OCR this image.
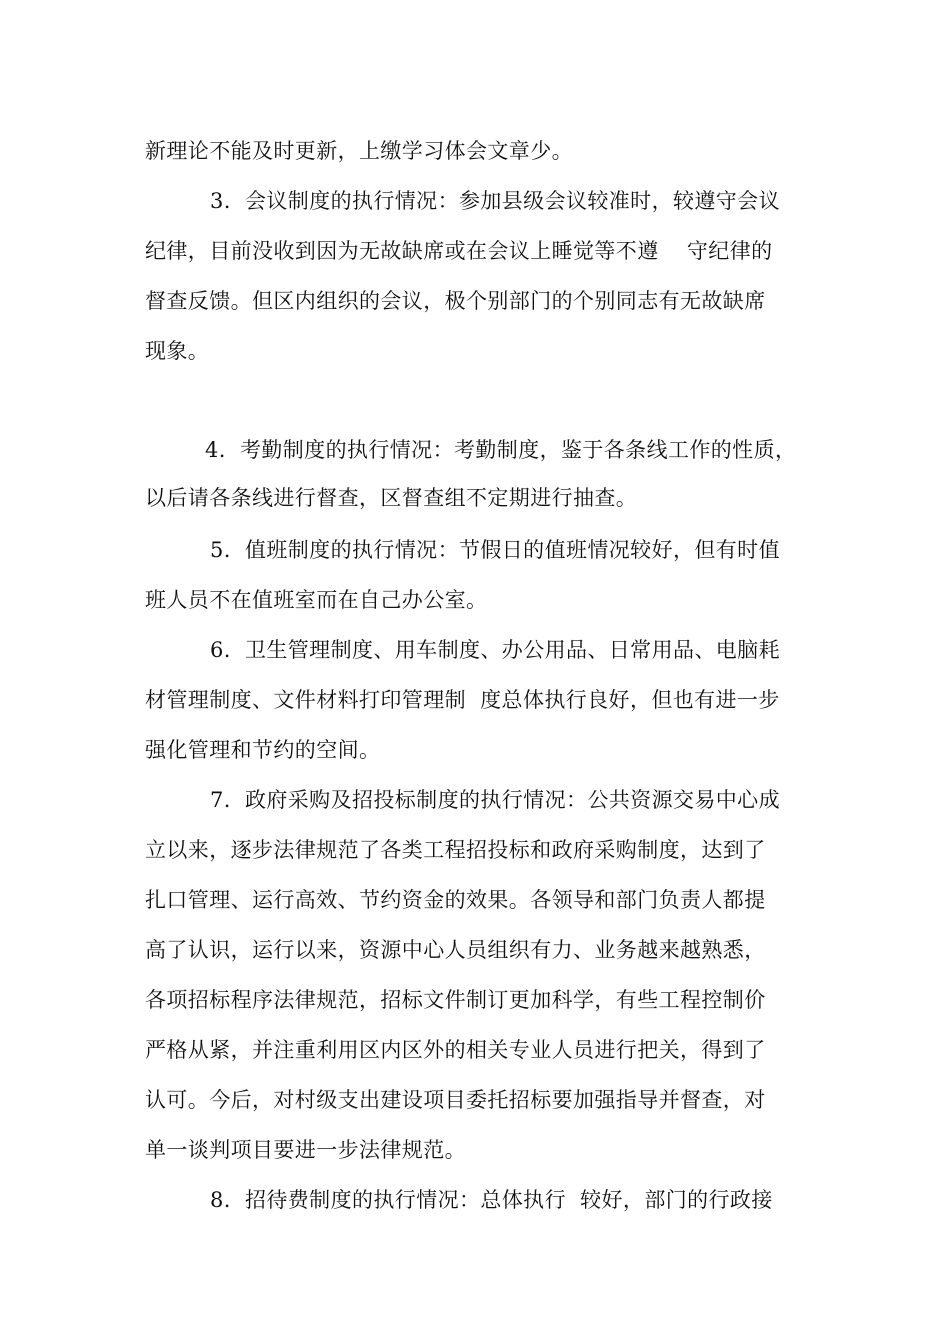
新理论不能及时更新，上缴学习体会文章少。
3.  会议制度的执行情况：参加县级会议较准时，较遵守会议
纪律，目前没收到因为无故缺席或在会议上睡觉等不遵    守纪律的
督查反馈。但区内组织的会议，极个别部门的个别同志有无故缺席
现象。
4.  考勤制度的执行情况：考勤制度，鉴于各条线工作的性质，
以后请各条线进行督查，区督查组不定期进行抽查。
5.  值班制度的执行情况：节假日的值班情况较好，但有时值
班人员不在值班室而在自己办公室。
6.  卫生管理制度、用车制度、办公用品、日常用品、电脑耗
材管理制度、文件材料打印管理制  度总体执行良好，但也有进一步
强化管理和节约的空间。
7.  政府采购及招投标制度的执行情况：公共资源交易中心成
立以来，逐步法律规范了各类工程招投标和政府采购制度，达到了
扎口管理、运行高效、节约资金的效果。各领导和部门负责人都提
高了认识，运行以来，资源中心人员组织有力、业务越来越熟悉，
各项招标程序法律规范，招标文件制订更加科学，有些工程控制价
严格从紧，并注重利用区内区外的相关专业人员进行把关，得到了
认可。今后，对村级支出建设项目委托招标要加强指导并督查，对
单一谈判项目要进一步法律规范。
8.  招待费制度的执行情况：总体执行  较好，部门的行政接
